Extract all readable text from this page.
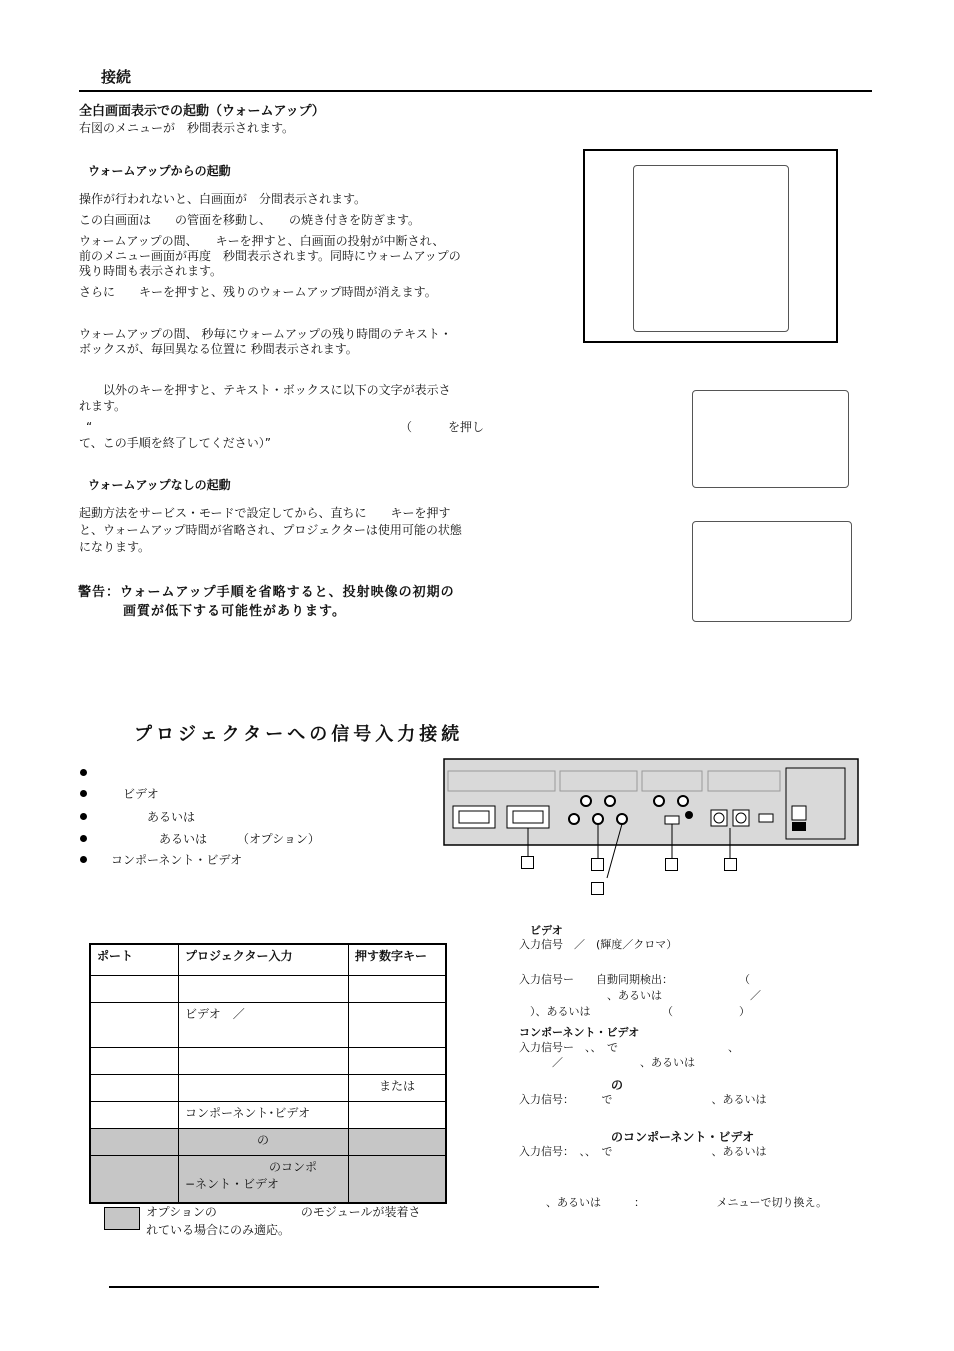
接続
全白画面表示での起動（ウォームアップ）
右図のメニューが　秒間表示されます。
ウォームアップからの起動
操作が行われないと、白画面が　分間表示されます。
この白画面は　　の管面を移動し、　　の焼き付きを防ぎます。
ウォームアップの間、　　キーを押すと、白画面の投射が中断され、
前のメニュー画面が再度　秒間表示されます。同時にウォームアップの
残り時間も表示されます。
さらに　　キーを押すと、残りのウォームアップ時間が消えます。
ウォームアップの間、 秒毎にウォームアップの残り時間のテキスト・
ボックスが、毎回異なる位置に 秒間表示されます。
　　以外のキーを押すと、テキスト・ボックスに以下の文字が表示さ
れます。
“	（　　　を押し
て、この手順を終了してください）”
ウォームアップなしの起動
起動方法をサービス・モードで設定してから、直ちに　　キーを押す
と、ウォームアップ時間が省略され、プロジェクターは使用可能の状態
になります。
警告：ウォームアップ手順を省略すると、投射映像の初期の
画質が低下する可能性があります。
プロジェクターへの信号入力接続
　ビデオ
　　　あるいは
　　　　あるいは　　　（オプション）
コンポーネント・ビデオ
ポート	プロジェクター入力	押す数字キー

	ビデオ　／	

		または
	コンポーネント･ビデオ	
	　　　　　　の	
	　　　　　　　のコンポ
−ネント・ビデオ	
オプションの　　　　　　　のモジュールが装着さ
れている場合にのみ適応。
ビデオ
入力信号　／　(輝度／クロマ）
入力信号ー　　自動同期検出：　　　　　　　（
　　　　　　　　、あるいは　　　　　　　　／
　）、あるいは　　　　　　　（　　　　　　）
コンポーネント・ビデオ
入力信号ー　、、　で　　　　　　　　　　、
　　　／　　　　　　　、あるいは
の
入力信号：　　　で　　　　　　　　　、あるいは
のコンポーネント・ビデオ
入力信号：　、、　で　　　　　　　　　、あるいは
、あるいは　　　：　　　　　　　メニューで切り換え。
